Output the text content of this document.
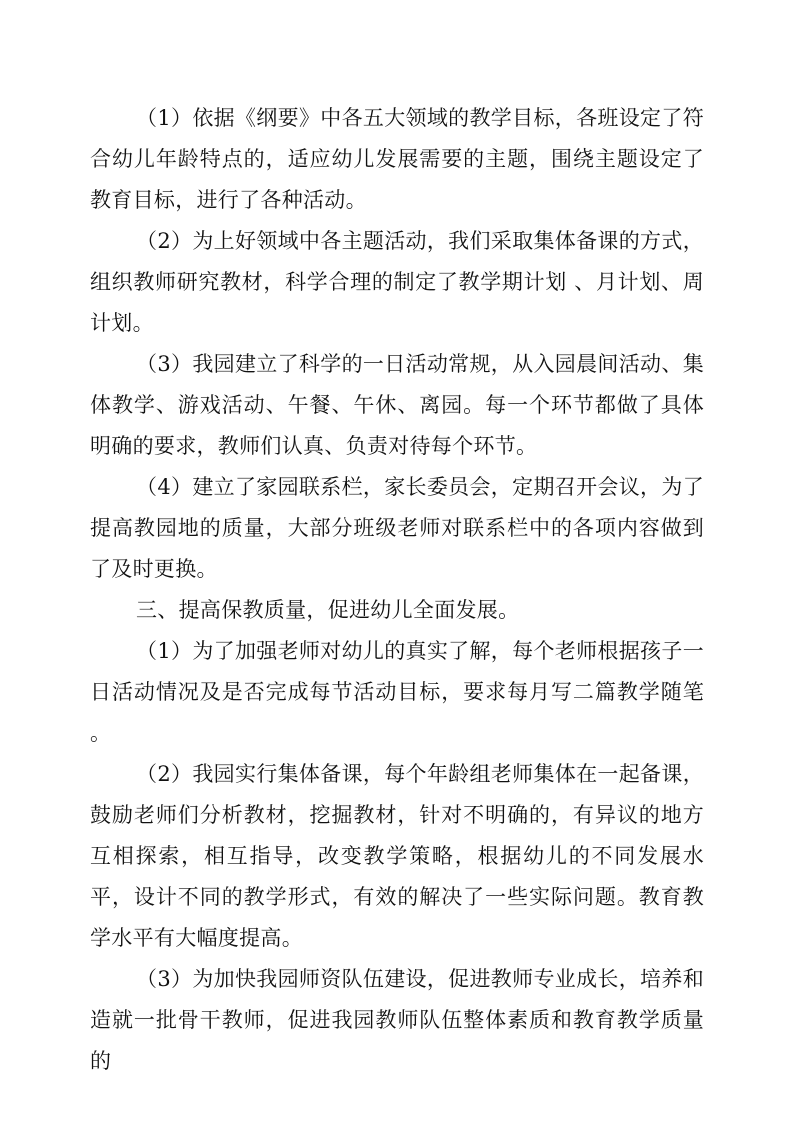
（1）依据《纲要》中各五大领域的教学目标，各班设定了符合幼儿年龄特点的，适应幼儿发展需要的主题，围绕主题设定了教育目标，进行了各种活动。

（2）为上好领域中各主题活动，我们采取集体备课的方式，组织教师研究教材，科学合理的制定了教学期计划 、月计划、周计划。

（3）我园建立了科学的一日活动常规，从入园晨间活动、集体教学、游戏活动、午餐、午休、离园。每一个环节都做了具体明确的要求，教师们认真、负责对待每个环节。

（4）建立了家园联系栏，家长委员会，定期召开会议，为了提高教园地的质量，大部分班级老师对联系栏中的各项内容做到了及时更换。

三、提高保教质量，促进幼儿全面发展。

（1）为了加强老师对幼儿的真实了解，每个老师根据孩子一日活动情况及是否完成每节活动目标，要求每月写二篇教学随笔 。

（2）我园实行集体备课，每个年龄组老师集体在一起备课，鼓励老师们分析教材，挖掘教材，针对不明确的，有异议的地方互相探索，相互指导，改变教学策略，根据幼儿的不同发展水平，设计不同的教学形式，有效的解决了一些实际问题。教育教学水平有大幅度提高。

（3）为加快我园师资队伍建设，促进教师专业成长，培养和造就一批骨干教师，促进我园教师队伍整体素质和教育教学质量的
